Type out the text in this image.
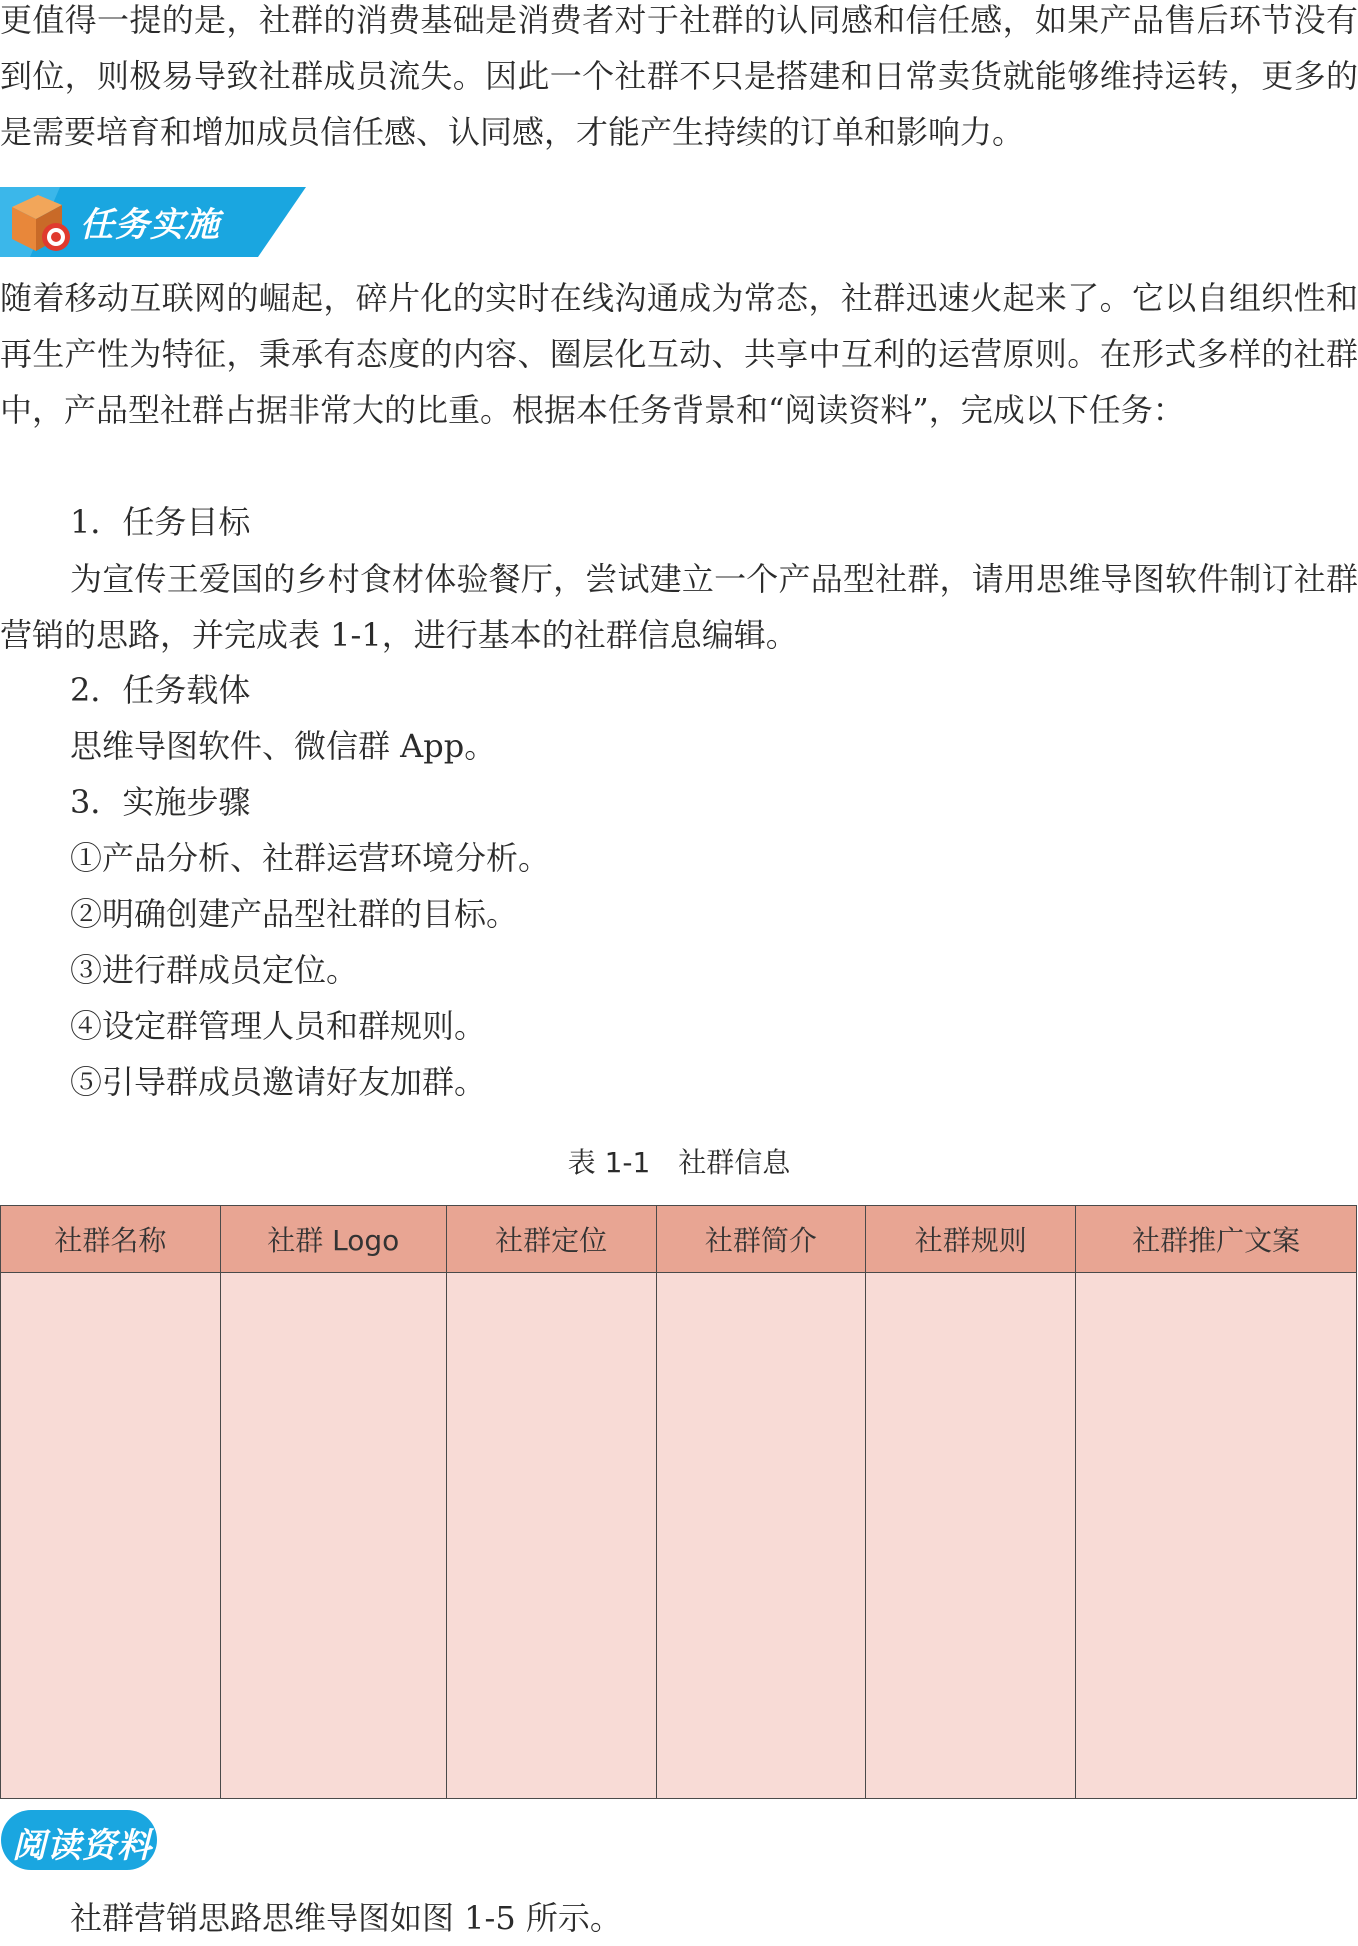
更值得一提的是，社群的消费基础是消费者对于社群的认同感和信任感，如果产品售后环节没有到位，则极易导致社群成员流失。因此一个社群不只是搭建和日常卖货就能够维持运转，更多的是需要培育和增加成员信任感、认同感，才能产生持续的订单和影响力。

任务实施

随着移动互联网的崛起，碎片化的实时在线沟通成为常态，社群迅速火起来了。它以自组织性和再生产性为特征，秉承有态度的内容、圈层化互动、共享中互利的运营原则。在形式多样的社群中，产品型社群占据非常大的比重。根据本任务背景和“阅读资料”，完成以下任务：

1．任务目标

为宣传王爱国的乡村食材体验餐厅，尝试建立一个产品型社群，请用思维导图软件制订社群营销的思路，并完成表 1-1，进行基本的社群信息编辑。

2．任务载体

思维导图软件、微信群 App。

3．实施步骤

①产品分析、社群运营环境分析。

②明确创建产品型社群的目标。

③进行群成员定位。

④设定群管理人员和群规则。

⑤引导群成员邀请好友加群。

表 1-1　社群信息
社群名称	社群 Logo	社群定位	社群简介	社群规则	社群推广文案

阅读资料

社群营销思路思维导图如图 1-5 所示。
